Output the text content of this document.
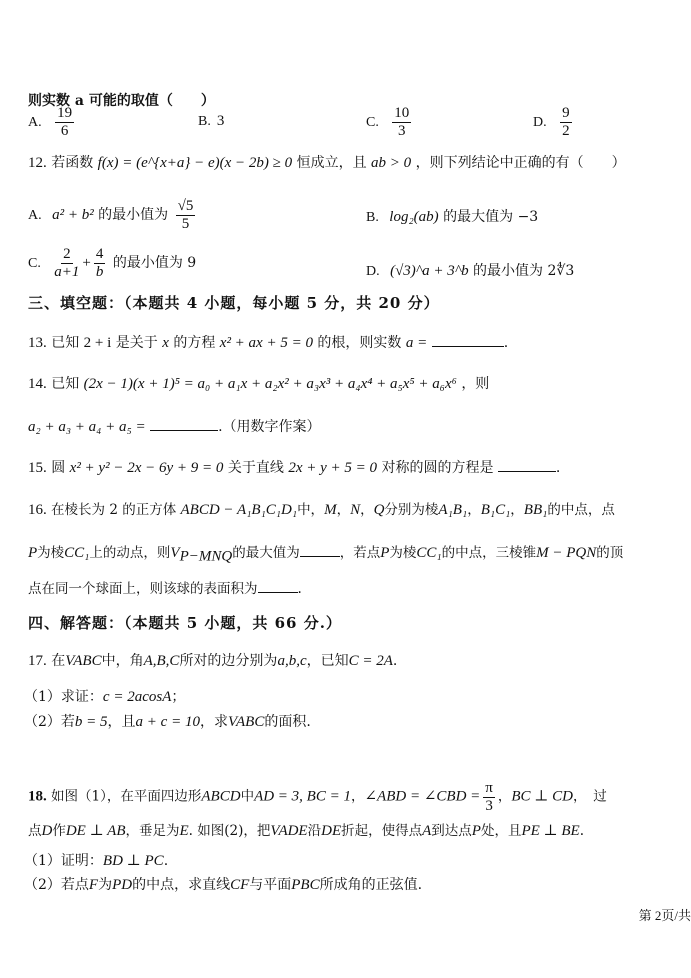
则实数 a 可能的取值（　　）
A. $\frac{19}{6}$	B. 3	C. $\frac{10}{3}$	D. $\frac{9}{2}$
12. 若函数 f(x) = (e^{x+a} − e)(x − 2b) ≥ 0 恒成立，且 ab > 0 ，则下列结论中正确的有（　　）
A. a² + b² 的最小值为 $\frac{√5}{5}$	B. log₂(ab) 的最大值为 −3
C. $\frac{2}{a+1} + \frac{4}{b}$ 的最小值为 9
D. (√3)^a + 3^b 的最小值为 2∜3
三、填空题：（本题共 4 小题，每小题 5 分，共 20 分）
13. 已知 2 + i 是关于 x 的方程 x² + ax + 5 = 0 的根，则实数 a =	.
14. 已知 (2x − 1)(x + 1)⁵ = a₀ + a₁x + a₂x² + a₃x³ + a₄x⁴ + a₅x⁵ + a₆x⁶ ，则
a₂ + a₃ + a₄ + a₅ =	.（用数字作案）
15. 圆 x² + y² − 2x − 6y + 9 = 0 关于直线 2x + y + 5 = 0 对称的圆的方程是	.
16. 在棱长为 2 的正方体 ABCD − A₁B₁C₁D₁中，M，N，Q分别为棱A₁B₁，B₁C₁，BB₁的中点，点
P为棱CC₁上的动点，则$V_{P-MNQ}$的最大值为	，若点P为棱CC₁的中点，三棱锥M − PQN的顶
点在同一个球面上，则该球的表面积为	.
四、解答题：（本题共 5 小题，共 66 分.）
17. 在VABC中，角A,B,C所对的边分别为a,b,c，已知C = 2A.
（1）求证：c = 2acosA；
（2）若b = 5，且a + c = 10，求VABC的面积.
18. 如图（1），在平面四边形ABCD中AD = 3, BC = 1，∠ABD = ∠CBD = $\frac{\pi}{3}$ ，BC ⊥ CD，　过
点D作DE ⊥ AB，垂足为E. 如图(2)，把VADE沿DE折起，使得点A到达点P处，且PE ⊥ BE.
（1）证明：BD ⊥ PC.
（2）若点F为PD的中点，求直线CF与平面PBC所成角的正弦值.
第 2页/共
